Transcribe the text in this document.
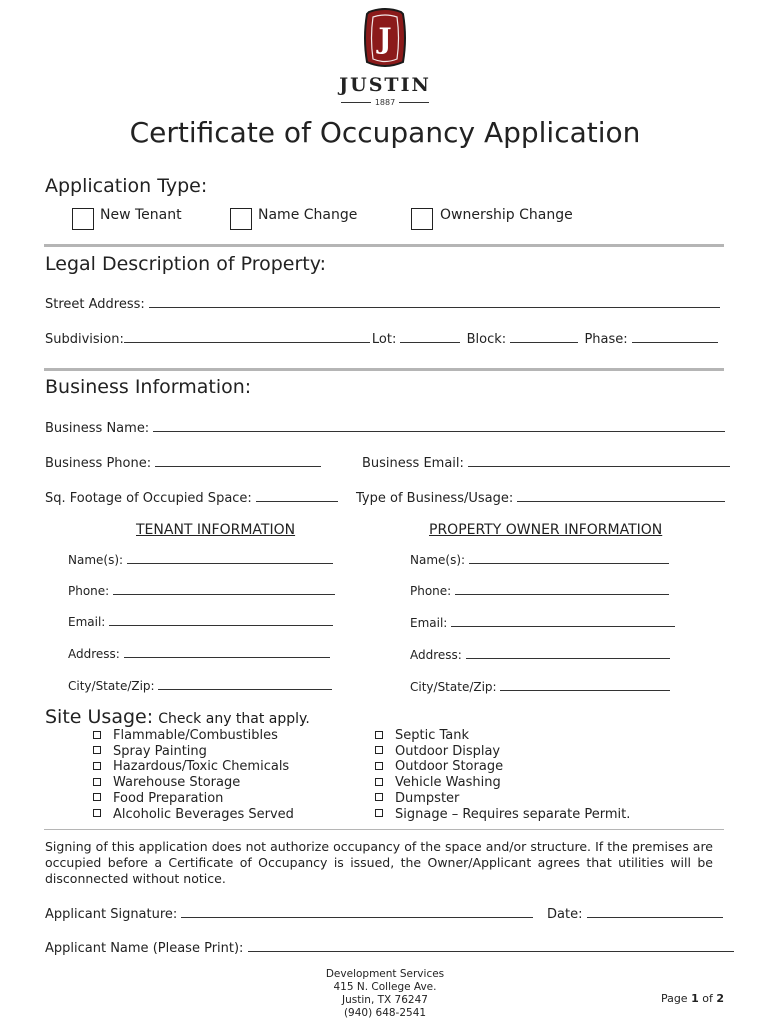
J
JUSTIN
1887
Certificate of Occupancy Application
Application Type:
New Tenant	Name Change	Ownership Change
Legal Description of Property:
Street Address:
Subdivision:	Lot:	Block:	Phase:
Business Information:
Business Name:
Business Phone:	Business Email:
Sq. Footage of Occupied Space:	Type of Business/Usage:
TENANT INFORMATION	PROPERTY OWNER INFORMATION
Name(s):
Phone:
Email:
Address:
City/State/Zip:
Name(s):
Phone:
Email:
Address:
City/State/Zip:
Site Usage: Check any that apply.
Flammable/Combustibles
Spray Painting
Hazardous/Toxic Chemicals
Warehouse Storage
Food Preparation
Alcoholic Beverages Served
Septic Tank
Outdoor Display
Outdoor Storage
Vehicle Washing
Dumpster
Signage – Requires separate Permit.
Signing of this application does not authorize occupancy of the space and/or structure. If the premises are occupied before a Certificate of Occupancy is issued, the Owner/Applicant agrees that utilities will be disconnected without notice.
Applicant Signature:	Date:
Applicant Name (Please Print):
Development Services
415 N. College Ave.
Justin, TX 76247
(940) 648-2541
Page 1 of 2
